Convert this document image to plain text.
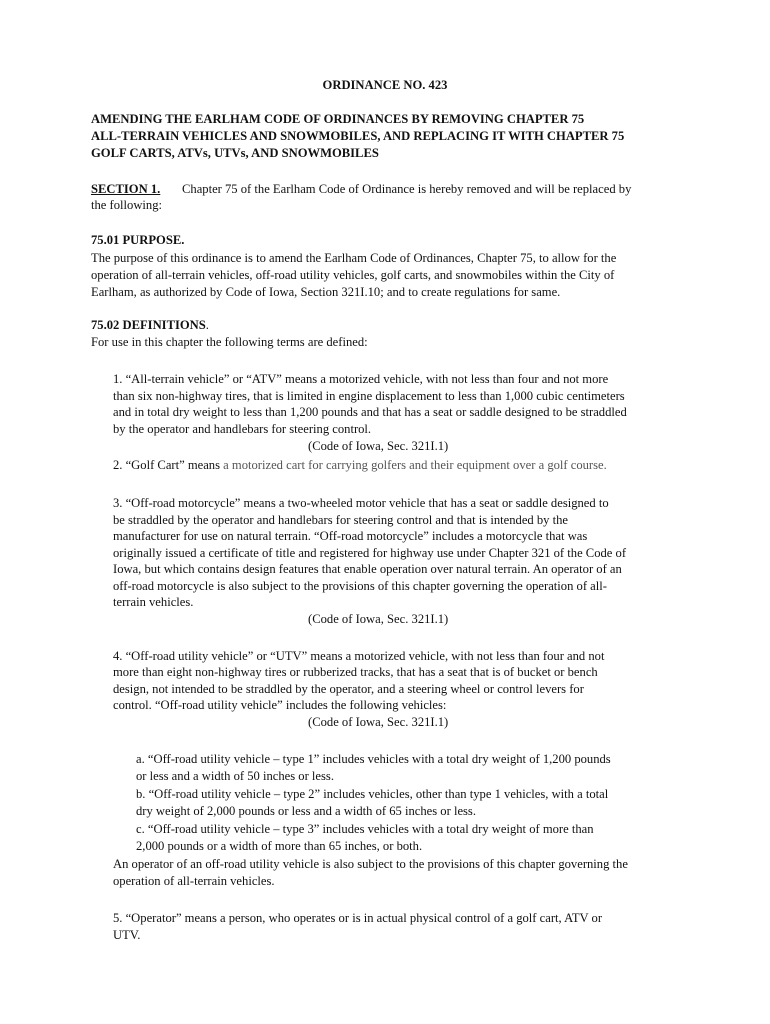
ORDINANCE NO. 423
AMENDING THE EARLHAM CODE OF ORDINANCES BY REMOVING CHAPTER 75
ALL-TERRAIN VEHICLES AND SNOWMOBILES, AND REPLACING IT WITH CHAPTER 75
GOLF CARTS, ATVs, UTVs, AND SNOWMOBILES
SECTION 1. Chapter 75 of the Earlham Code of Ordinance is hereby removed and will be replaced by
the following:
75.01 PURPOSE.
The purpose of this ordinance is to amend the Earlham Code of Ordinances, Chapter 75, to allow for the
operation of all-terrain vehicles, off-road utility vehicles, golf carts, and snowmobiles within the City of
Earlham, as authorized by Code of Iowa, Section 321I.10; and to create regulations for same.
75.02 DEFINITIONS.
For use in this chapter the following terms are defined:
1. “All-terrain vehicle” or “ATV” means a motorized vehicle, with not less than four and not more
than six non-highway tires, that is limited in engine displacement to less than 1,000 cubic centimeters
and in total dry weight to less than 1,200 pounds and that has a seat or saddle designed to be straddled
by the operator and handlebars for steering control.
(Code of Iowa, Sec. 321I.1)
2. “Golf Cart” means a motorized cart for carrying golfers and their equipment over a golf course.
3. “Off-road motorcycle” means a two-wheeled motor vehicle that has a seat or saddle designed to
be straddled by the operator and handlebars for steering control and that is intended by the
manufacturer for use on natural terrain. “Off-road motorcycle” includes a motorcycle that was
originally issued a certificate of title and registered for highway use under Chapter 321 of the Code of
Iowa, but which contains design features that enable operation over natural terrain. An operator of an
off-road motorcycle is also subject to the provisions of this chapter governing the operation of all-
terrain vehicles.
(Code of Iowa, Sec. 321I.1)
4. “Off-road utility vehicle” or “UTV” means a motorized vehicle, with not less than four and not
more than eight non-highway tires or rubberized tracks, that has a seat that is of bucket or bench
design, not intended to be straddled by the operator, and a steering wheel or control levers for
control. “Off-road utility vehicle” includes the following vehicles:
(Code of Iowa, Sec. 321I.1)
a. “Off-road utility vehicle – type 1” includes vehicles with a total dry weight of 1,200 pounds
or less and a width of 50 inches or less.
b. “Off-road utility vehicle – type 2” includes vehicles, other than type 1 vehicles, with a total
dry weight of 2,000 pounds or less and a width of 65 inches or less.
c. “Off-road utility vehicle – type 3” includes vehicles with a total dry weight of more than
2,000 pounds or a width of more than 65 inches, or both.
An operator of an off-road utility vehicle is also subject to the provisions of this chapter governing the
operation of all-terrain vehicles.
5. “Operator” means a person, who operates or is in actual physical control of a golf cart, ATV or
UTV.
